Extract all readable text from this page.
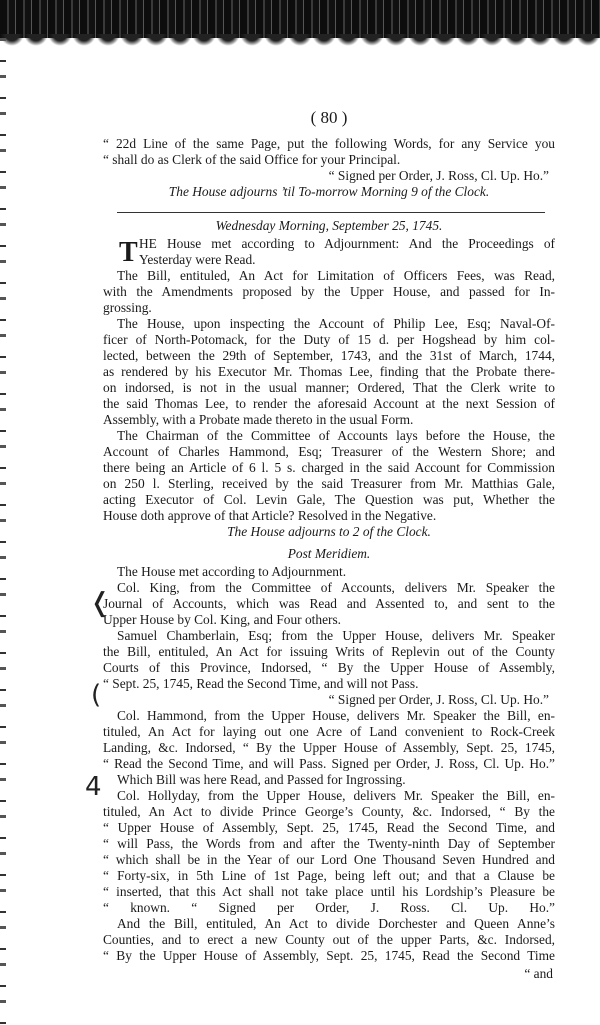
( 80 )
“ 22d Line of the same Page, put the following Words, for any Service you
“ shall do as Clerk of the said Office for your Principal.
“ Signed per Order, J. Ross, Cl. Up. Ho.”
The House adjourns ’til To-morrow Morning 9 of the Clock.
Wednesday Morning, September 25, 1745.
T HE House met according to Adjournment: And the Proceedings of
Yesterday were Read.
The Bill, entituled, An Act for Limitation of Officers Fees, was Read,
with the Amendments proposed by the Upper House, and passed for In-
grossing.
The House, upon inspecting the Account of Philip Lee, Esq; Naval-Of-
ficer of North-Potomack, for the Duty of 15 d. per Hogshead by him col-
lected, between the 29th of September, 1743, and the 31st of March, 1744,
as rendered by his Executor Mr. Thomas Lee, finding that the Probate there-
on indorsed, is not in the usual manner; Ordered, That the Clerk write to
the said Thomas Lee, to render the aforesaid Account at the next Session of
Assembly, with a Probate made thereto in the usual Form.
The Chairman of the Committee of Accounts lays before the House, the
Account of Charles Hammond, Esq; Treasurer of the Western Shore; and
there being an Article of 6 l. 5 s. charged in the said Account for Commission
on 250 l. Sterling, received by the said Treasurer from Mr. Matthias Gale,
acting Executor of Col. Levin Gale, The Question was put, Whether the
House doth approve of that Article? Resolved in the Negative.
The House adjourns to 2 of the Clock.
Post Meridiem.
The House met according to Adjournment.
Col. King, from the Committee of Accounts, delivers Mr. Speaker the
Journal of Accounts, which was Read and Assented to, and sent to the
Upper House by Col. King, and Four others.
Samuel Chamberlain, Esq; from the Upper House, delivers Mr. Speaker
the Bill, entituled, An Act for issuing Writs of Replevin out of the County
Courts of this Province, Indorsed, “ By the Upper House of Assembly,
“ Sept. 25, 1745, Read the Second Time, and will not Pass.
“ Signed per Order, J. Ross, Cl. Up. Ho.”
Col. Hammond, from the Upper House, delivers Mr. Speaker the Bill, en-
tituled, An Act for laying out one Acre of Land convenient to Rock-Creek
Landing, &c. Indorsed, “ By the Upper House of Assembly, Sept. 25, 1745,
“ Read the Second Time, and will Pass. Signed per Order, J. Ross, Cl. Up. Ho.”
Which Bill was here Read, and Passed for Ingrossing.
Col. Hollyday, from the Upper House, delivers Mr. Speaker the Bill, en-
tituled, An Act to divide Prince George’s County, &c. Indorsed, “ By the
“ Upper House of Assembly, Sept. 25, 1745, Read the Second Time, and
“ will Pass, the Words from and after the Twenty-ninth Day of September
“ which shall be in the Year of our Lord One Thousand Seven Hundred and
“ Forty-six, in 5th Line of 1st Page, being left out; and that a Clause be
“ inserted, that this Act shall not take place until his Lordship’s Pleasure be
“ known. “ Signed per Order, J. Ross. Cl. Up. Ho.”
And the Bill, entituled, An Act to divide Dorchester and Queen Anne’s
Counties, and to erect a new County out of the upper Parts, &c. Indorsed,
“ By the Upper House of Assembly, Sept. 25, 1745, Read the Second Time
“ and
❬
(
4
